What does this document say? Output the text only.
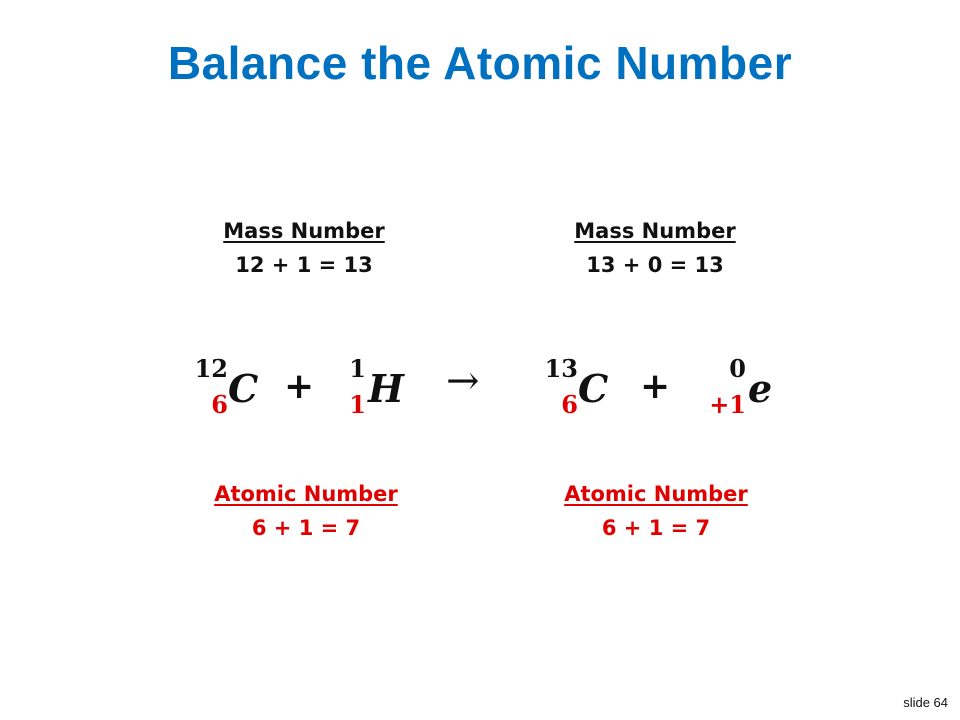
Balance the Atomic Number
Mass Number
12 + 1 = 13
Mass Number
13 + 0 = 13
12
6 C +	1
1 H →	13
6 C +	0
+1 e
Atomic Number
6 + 1 = 7
Atomic Number
6 + 1 = 7
slide 64
